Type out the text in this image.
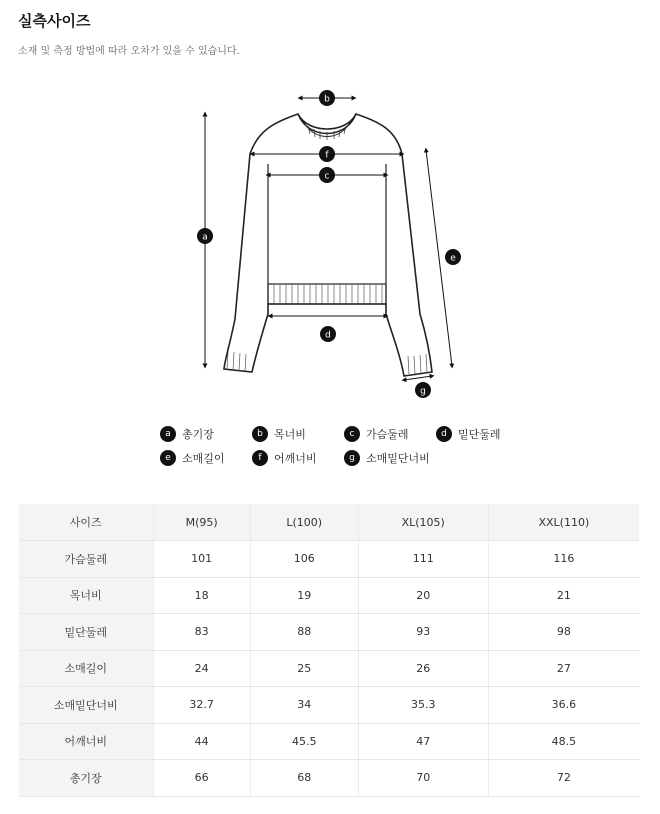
실측사이즈
소재 및 측정 방법에 따라 오차가 있을 수 있습니다.
b
f
c
a
d
e
g
a	총기장	b	목너비	c	가슴둘레	d	밑단둘레
e	소매길이	f	어깨너비	g	소매밑단너비
사이즈	M(95)	L(100)	XL(105)	XXL(110)
가슴둘레	101	106	111	116
목너비	18	19	20	21
밑단둘레	83	88	93	98
소매길이	24	25	26	27
소매밑단너비	32.7	34	35.3	36.6
어깨너비	44	45.5	47	48.5
총기장	66	68	70	72
